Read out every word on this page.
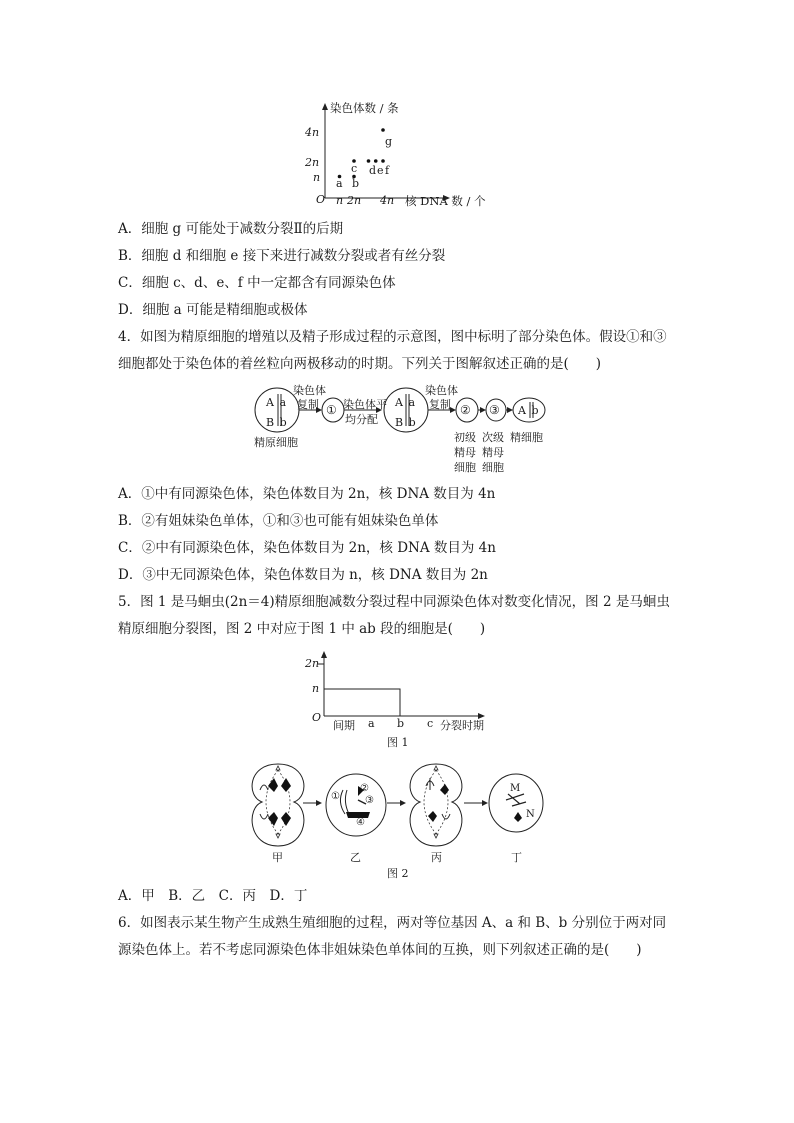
染色体数 / 条
核 DNA 数 / 个
O
4n
2n
n
n 2n 4n
a b
c d e f
g
A．细胞 g 可能处于减数分裂Ⅱ的后期
B．细胞 d 和细胞 e 接下来进行减数分裂或者有丝分裂
C．细胞 c、d、e、f 中一定都含有同源染色体
D．细胞 a 可能是精细胞或极体
4．如图为精原细胞的增殖以及精子形成过程的示意图，图中标明了部分染色体。假设①和③
细胞都处于染色体的着丝粒向两极移动的时期。下列关于图解叙述正确的是(　　)
染色体
复制 染色体平
均分配
染色体
复制
①	② ③
A a
B b
A a
B b
A b
精原细胞	初级
精母
细胞
次级
精母
细胞
精细胞
A．①中有同源染色体，染色体数目为 2n，核 DNA 数目为 4n
B．②有姐妹染色单体，①和③也可能有姐妹染色单体
C．②中有同源染色体，染色体数目为 2n，核 DNA 数目为 4n
D．③中无同源染色体，染色体数目为 n，核 DNA 数目为 2n
5．图 1 是马蛔虫(2n＝4)精原细胞减数分裂过程中同源染色体对数变化情况，图 2 是马蛔虫
精原细胞分裂图，图 2 中对应于图 1 中 ab 段的细胞是(　　)
2n
n
O
间期 a b c 分裂时期
图 1
①
②
③
④
M
N
甲	乙	丙	丁
图 2
A．甲　B．乙　C．丙　D．丁
6．如图表示某生物产生成熟生殖细胞的过程，两对等位基因 A、a 和 B、b 分别位于两对同
源染色体上。若不考虑同源染色体非姐妹染色单体间的互换，则下列叙述正确的是(　　)
